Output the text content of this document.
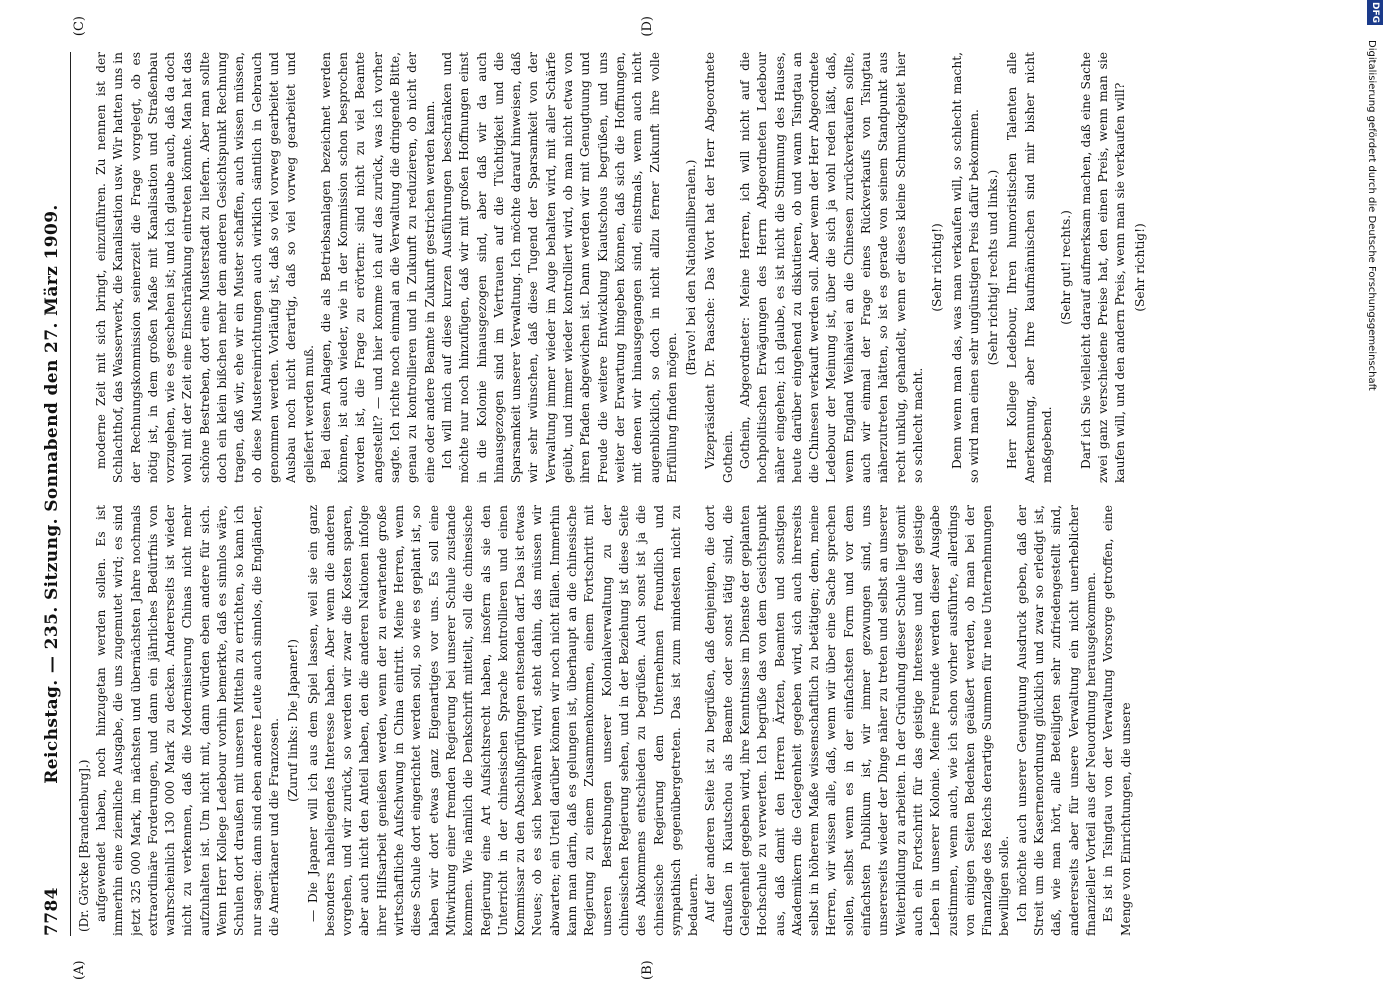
7784
Reichstag. — 235. Sitzung. Sonnabend den 27. März 1909.
(Dr. Görcke [Brandenburg].) aufgewendet haben, noch hinzugetan werden sollen. Es ist immerhin eine ziemliche Ausgabe, die uns zugemutet wird; es sind jetzt 325 000 Mark, im nächsten und übernächsten Jahre nochmals extraordinäre Forderungen, und dann ein jährliches Bedürfnis von wahrscheinlich 130 000 Mark zu decken. Andererseits ist wieder nicht zu verkennen, daß die Modernisierung Chinas nicht mehr aufzuhalten ist. Um nicht mit, dann würden eben andere für sich. Wenn Herr Kollege Ledebour vorhin bemerkte, daß es sinnlos wäre, Schulen dort draußen mit unseren Mitteln zu errichten, so kann ich nur sagen: dann sind eben andere Leute auch sinnlos, die Engländer, die Amerikaner und die Franzosen. (Zuruf links: Die Japaner!) — Die Japaner will ich aus dem Spiel lassen, weil sie ein ganz besonders naheliegendes Interesse haben. Aber wenn die anderen vorgehen, und wir zurück, so werden wir zwar die Kosten sparen, aber auch nicht den Anteil haben, den die anderen Nationen infolge ihrer Hilfsarbeit genießen werden, wenn der zu erwartende große wirtschaftliche Aufschwung in China eintritt. Meine Herren, wenn diese Schule dort eingerichtet werden soll, so wie es geplant ist, so haben wir dort etwas ganz Eigenartiges vor uns. Es soll eine Mitwirkung einer fremden Regierung bei unserer Schule zustande kommen. Wie nämlich die Denkschrift mitteilt, soll die chinesische Regierung eine Art Aufsichtsrecht haben, insofern als sie den Unterricht in der chinesischen Sprache kontrollieren und einen Kommissar zu den Abschlußprüfungen entsenden darf. Das ist etwas Neues; ob es sich bewähren wird, steht dahin, das müssen wir abwarten; ein Urteil darüber können wir noch nicht fällen. Immerhin kann man darin, daß es gelungen ist, überhaupt an die chinesische Regierung zu einem Zusammenkommen, einem Fortschritt mit unseren Bestrebungen unserer Kolonialverwaltung zu der chinesischen Regierung sehen, und in der Beziehung ist diese Seite des Abkommens entschieden zu begrüßen. Auch sonst ist ja die chinesische Regierung dem Unternehmen freundlich und sympathisch gegenübergetreten. Das ist zum mindesten nicht zu bedauern. Auf der anderen Seite ist zu begrüßen, daß denjenigen, die dort draußen in Kiautschou als Beamte oder sonst tätig sind, die Gelegenheit gegeben wird, ihre Kenntnisse im Dienste der geplanten Hochschule zu verwerten. Ich begrüße das von dem Gesichtspunkt aus, daß damit den Herren Ärzten, Beamten und sonstigen Akademikern die Gelegenheit gegeben wird, sich auch ihrerseits selbst in höherem Maße wissenschaftlich zu betätigen; denn, meine Herren, wir wissen alle, daß, wenn wir über eine Sache sprechen sollen, selbst wenn es in der einfachsten Form und vor dem einfachsten Publikum ist, wir immer gezwungen sind, uns unsererseits wieder der Dinge näher zu treten und selbst an unserer Weiterbildung zu arbeiten. In der Gründung dieser Schule liegt somit auch ein Fortschritt für das geistige Interesse und das geistige Leben in unserer Kolonie. Meine Freunde werden dieser Ausgabe zustimmen, wenn auch, wie ich schon vorher ausführte, allerdings von einigen Seiten Bedenken geäußert werden, ob man bei der Finanzlage des Reichs derartige Summen für neue Unternehmungen bewilligen solle. Ich möchte auch unserer Genugtuung Ausdruck geben, daß der Streit um die Kasernenordnung glücklich und zwar so erledigt ist, daß, wie man hört, alle Beteiligten sehr zufriedengestellt sind, andererseits aber für unsere Verwaltung ein nicht unerheblicher finanzieller Vorteil aus der Neuordnung herausgekommen. Es ist in Tsingtau von der Verwaltung Vorsorge getroffen, eine Menge von Einrichtungen, die unsere

moderne Zeit mit sich bringt, einzuführen. Zu nennen ist der Schlachthof, das Wasserwerk, die Kanalisation usw. Wir hatten uns in der Rechnungskommission seinerzeit die Frage vorgelegt, ob es nötig ist, in dem großen Maße mit Kanalisation und Straßenbau vorzugehen, wie es geschehen ist; und ich glaube auch, daß da doch wohl mit der Zeit eine Einschränkung eintreten könnte. Man hat das schöne Bestreben, dort eine Musterstadt zu liefern. Aber man sollte doch ein klein bißchen mehr dem anderen Gesichtspunkt Rechnung tragen, daß wir, ehe wir ein Muster schaffen, auch wissen müssen, ob diese Mustereinrichtungen auch wirklich sämtlich in Gebrauch genommen werden. Vorläufig ist, daß so viel vorweg gearbeitet und Ausbau noch nicht derartig, daß so viel vorweg gearbeitet und geliefert werden muß. Bei diesen Anlagen, die als Betriebsanlagen bezeichnet werden können, ist auch wieder, wie in der Kommission schon besprochen worden ist, die Frage zu erörtern: sind nicht zu viel Beamte angestellt? — und hier komme ich auf das zurück, was ich vorher sagte. Ich richte noch einmal an die Verwaltung die dringende Bitte, genau zu kontrollieren und in Zukunft zu reduzieren, ob nicht der eine oder andere Beamte in Zukunft gestrichen werden kann. Ich will mich auf diese kurzen Ausführungen beschränken und möchte nur noch hinzufügen, daß wir mit großen Hoffnungen einst in die Kolonie hinausgezogen sind, aber daß wir da auch hinausgezogen sind im Vertrauen auf die Tüchtigkeit und die Sparsamkeit unserer Verwaltung. Ich möchte darauf hinweisen, daß wir sehr wünschen, daß diese Tugend der Sparsamkeit von der Verwaltung immer wieder im Auge behalten wird, mit aller Schärfe geübt, und immer wieder kontrolliert wird, ob man nicht etwa von ihren Pfaden abgewichen ist. Dann werden wir mit Genugtuung und Freude die weitere Entwicklung Kiautschous begrüßen, und uns weiter der Erwartung hingeben können, daß sich die Hoffnungen, mit denen wir hinausgegangen sind, einstmals, wenn auch nicht augenblicklich, so doch in nicht allzu ferner Zukunft ihre volle Erfüllung finden mögen.

(Bravo! bei den Nationalliberalen.) Vizepräsident Dr. Paasche: Das Wort hat der Herr Abgeordnete Gothein. Gothein, Abgeordneter: Meine Herren, ich will nicht auf die hochpolitischen Erwägungen des Herrn Abgeordneten Ledebour näher eingehen; ich glaube, es ist nicht die Stimmung des Hauses, heute darüber eingehend zu diskutieren, ob und wann Tsingtau an die Chinesen verkauft werden soll. Aber wenn der Herr Abgeordnete Ledebour der Meinung ist, über die sich ja wohl reden läßt, daß, wenn England Weihaiwei an die Chinesen zurückverkaufen sollte, auch wir einmal der Frage eines Rückverkaufs von Tsingtau näherzutreten hätten, so ist es gerade von seinem Standpunkt aus recht unklug, gehandelt, wenn er dieses kleine Schmuckgebiet hier so schlecht macht.

(Sehr richtig!) Denn wenn man das, was man verkaufen will, so schlecht macht, so wird man einen sehr ungünstigen Preis dafür bekommen. (Sehr richtig! rechts und links.) Herr Kollege Ledebour, Ihren humoristischen Talenten alle Anerkennung, aber Ihre kaufmännischen sind mir bisher nicht maßgebend.

(Sehr gut! rechts.) Darf ich Sie vielleicht darauf aufmerksam machen, daß eine Sache zwei ganz verschiedene Preise hat, den einen Preis, wenn man sie kaufen will, und den andern Preis, wenn man sie verkaufen will? (Sehr richtig!)

(A)	(B)
(C)	(D)
DFG
Digitalisierung gefördert durch die Deutsche Forschungsgemeinschaft
